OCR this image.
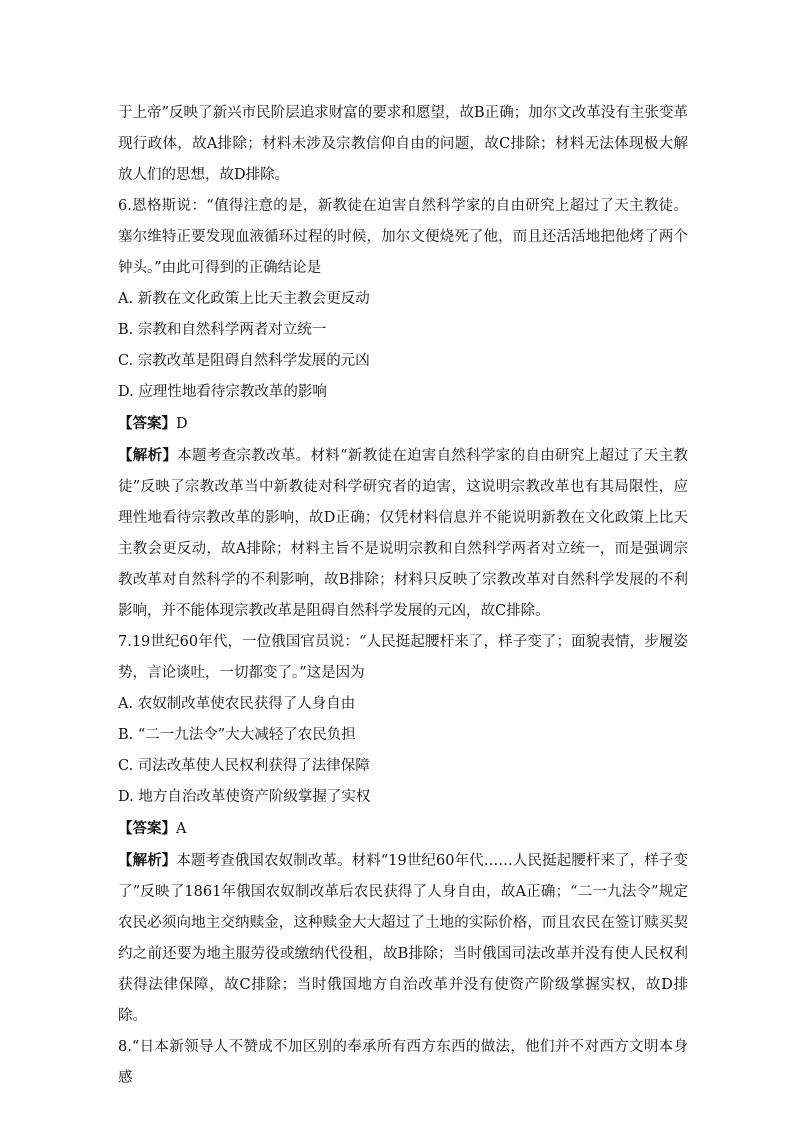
于上帝”反映了新兴市民阶层追求财富的要求和愿望，故B正确；加尔文改革没有主张变革现行政体，故A排除；材料未涉及宗教信仰自由的问题，故C排除；材料无法体现极大解放人们的思想，故D排除。

6.恩格斯说：“值得注意的是，新教徒在迫害自然科学家的自由研究上超过了天主教徒。塞尔维特正要发现血液循环过程的时候，加尔文便烧死了他，而且还活活地把他烤了两个钟头。”由此可得到的正确结论是

A. 新教在文化政策上比天主教会更反动

B. 宗教和自然科学两者对立统一

C. 宗教改革是阻碍自然科学发展的元凶

D. 应理性地看待宗教改革的影响

【答案】D

【解析】本题考查宗教改革。材料“新教徒在迫害自然科学家的自由研究上超过了天主教徒”反映了宗教改革当中新教徒对科学研究者的迫害，这说明宗教改革也有其局限性，应理性地看待宗教改革的影响，故D正确；仅凭材料信息并不能说明新教在文化政策上比天主教会更反动，故A排除；材料主旨不是说明宗教和自然科学两者对立统一，而是强调宗教改革对自然科学的不利影响，故B排除；材料只反映了宗教改革对自然科学发展的不利影响，并不能体现宗教改革是阻碍自然科学发展的元凶，故C排除。

7.19世纪60年代，一位俄国官员说：“人民挺起腰杆来了，样子变了；面貌表情，步履姿势，言论谈吐，一切都变了。”这是因为

A. 农奴制改革使农民获得了人身自由

B. “二一九法令”大大减轻了农民负担

C. 司法改革使人民权利获得了法律保障

D. 地方自治改革使资产阶级掌握了实权

【答案】A

【解析】本题考查俄国农奴制改革。材料“19世纪60年代……人民挺起腰杆来了，样子变了”反映了1861年俄国农奴制改革后农民获得了人身自由，故A正确；“二一九法令”规定农民必须向地主交纳赎金，这种赎金大大超过了土地的实际价格，而且农民在签订赎买契约之前还要为地主服劳役或缴纳代役租，故B排除；当时俄国司法改革并没有使人民权利获得法律保障，故C排除；当时俄国地方自治改革并没有使资产阶级掌握实权，故D排除。

8.“日本新领导人不赞成不加区别的奉承所有西方东西的做法，他们并不对西方文明本身感
